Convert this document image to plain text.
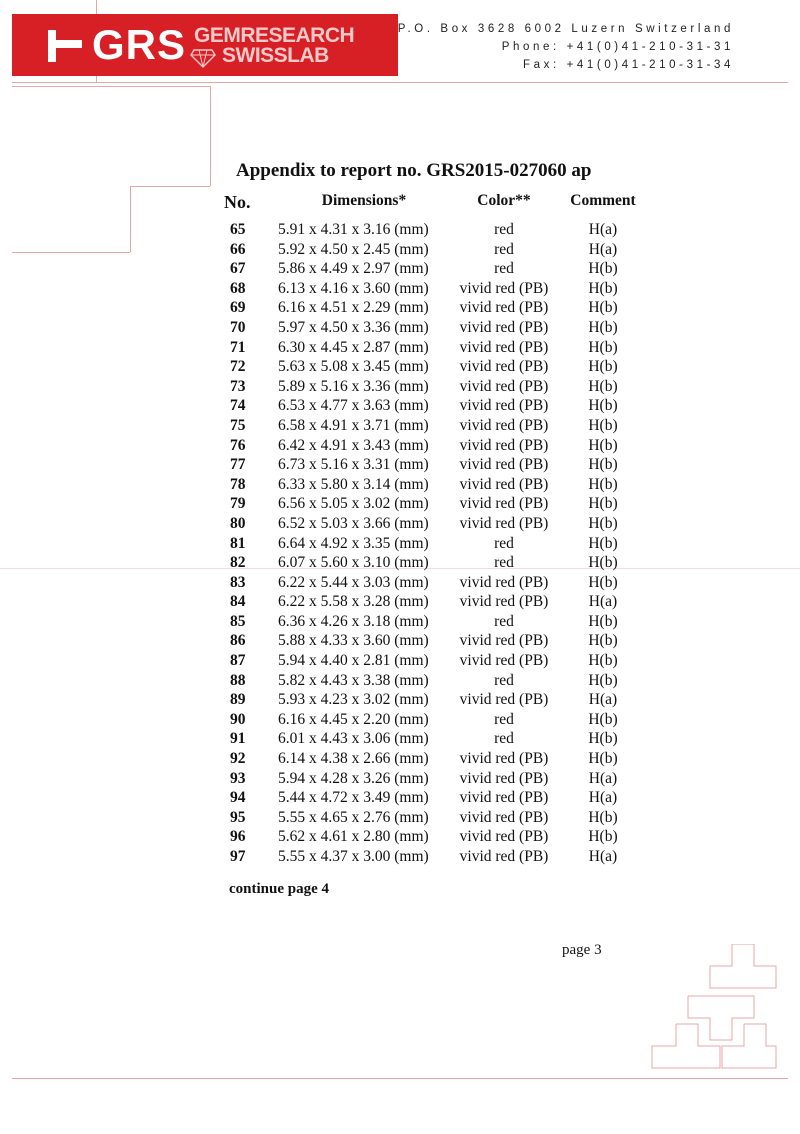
GRS GEMRESEARCH
SWISSLAB
P.O. Box 3628 6002 Luzern Switzerland
Phone: +41(0)41-210-31-31
Fax: +41(0)41-210-31-34
Appendix to report no. GRS2015-027060 ap
No.	Dimensions*	Color**	Comment
65	5.91 x 4.31 x 3.16 (mm)	red	H(a)
66	5.92 x 4.50 x 2.45 (mm)	red	H(a)
67	5.86 x 4.49 x 2.97 (mm)	red	H(b)
68	6.13 x 4.16 x 3.60 (mm)	vivid red (PB)	H(b)
69	6.16 x 4.51 x 2.29 (mm)	vivid red (PB)	H(b)
70	5.97 x 4.50 x 3.36 (mm)	vivid red (PB)	H(b)
71	6.30 x 4.45 x 2.87 (mm)	vivid red (PB)	H(b)
72	5.63 x 5.08 x 3.45 (mm)	vivid red (PB)	H(b)
73	5.89 x 5.16 x 3.36 (mm)	vivid red (PB)	H(b)
74	6.53 x 4.77 x 3.63 (mm)	vivid red (PB)	H(b)
75	6.58 x 4.91 x 3.71 (mm)	vivid red (PB)	H(b)
76	6.42 x 4.91 x 3.43 (mm)	vivid red (PB)	H(b)
77	6.73 x 5.16 x 3.31 (mm)	vivid red (PB)	H(b)
78	6.33 x 5.80 x 3.14 (mm)	vivid red (PB)	H(b)
79	6.56 x 5.05 x 3.02 (mm)	vivid red (PB)	H(b)
80	6.52 x 5.03 x 3.66 (mm)	vivid red (PB)	H(b)
81	6.64 x 4.92 x 3.35 (mm)	red	H(b)
82	6.07 x 5.60 x 3.10 (mm)	red	H(b)
83	6.22 x 5.44 x 3.03 (mm)	vivid red (PB)	H(b)
84	6.22 x 5.58 x 3.28 (mm)	vivid red (PB)	H(a)
85	6.36 x 4.26 x 3.18 (mm)	red	H(b)
86	5.88 x 4.33 x 3.60 (mm)	vivid red (PB)	H(b)
87	5.94 x 4.40 x 2.81 (mm)	vivid red (PB)	H(b)
88	5.82 x 4.43 x 3.38 (mm)	red	H(b)
89	5.93 x 4.23 x 3.02 (mm)	vivid red (PB)	H(a)
90	6.16 x 4.45 x 2.20 (mm)	red	H(b)
91	6.01 x 4.43 x 3.06 (mm)	red	H(b)
92	6.14 x 4.38 x 2.66 (mm)	vivid red (PB)	H(b)
93	5.94 x 4.28 x 3.26 (mm)	vivid red (PB)	H(a)
94	5.44 x 4.72 x 3.49 (mm)	vivid red (PB)	H(a)
95	5.55 x 4.65 x 2.76 (mm)	vivid red (PB)	H(b)
96	5.62 x 4.61 x 2.80 (mm)	vivid red (PB)	H(b)
97	5.55 x 4.37 x 3.00 (mm)	vivid red (PB)	H(a)
continue page 4
page 3
